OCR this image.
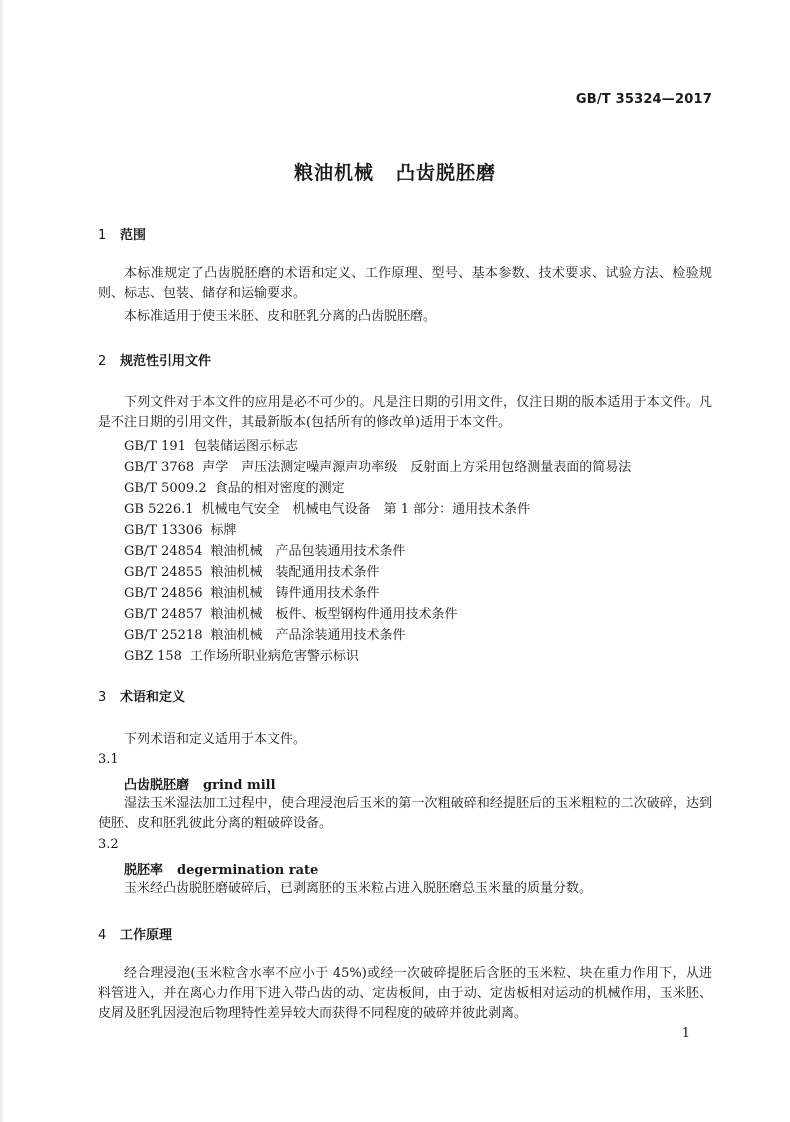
GB/T 35324—2017
粮油机械 凸齿脱胚磨
1 范围
本标准规定了凸齿脱胚磨的术语和定义、工作原理、型号、基本参数、技术要求、试验方法、检验规则、标志、包装、储存和运输要求。
本标准适用于使玉米胚、皮和胚乳分离的凸齿脱胚磨。
2 规范性引用文件
下列文件对于本文件的应用是必不可少的。凡是注日期的引用文件，仅注日期的版本适用于本文件。凡是不注日期的引用文件，其最新版本(包括所有的修改单)适用于本文件。
GB/T 191 包装储运图示标志
GB/T 3768 声学　声压法测定噪声源声功率级　反射面上方采用包络测量表面的简易法
GB/T 5009.2 食品的相对密度的测定
GB 5226.1 机械电气安全　机械电气设备　第 1 部分：通用技术条件
GB/T 13306 标牌
GB/T 24854 粮油机械　产品包装通用技术条件
GB/T 24855 粮油机械　装配通用技术条件
GB/T 24856 粮油机械　铸件通用技术条件
GB/T 24857 粮油机械　板件、板型钢构件通用技术条件
GB/T 25218 粮油机械　产品涂装通用技术条件
GBZ 158 工作场所职业病危害警示标识
3 术语和定义
下列术语和定义适用于本文件。
3.1
凸齿脱胚磨 grind mill
湿法玉米湿法加工过程中，使合理浸泡后玉米的第一次粗破碎和经提胚后的玉米粗粒的二次破碎，达到使胚、皮和胚乳彼此分离的粗破碎设备。
3.2
脱胚率 degermination rate
玉米经凸齿脱胚磨破碎后，已剥离胚的玉米粒占进入脱胚磨总玉米量的质量分数。
4 工作原理
经合理浸泡(玉米粒含水率不应小于 45%)或经一次破碎提胚后含胚的玉米粒、块在重力作用下，从进料管进入，并在离心力作用下进入带凸齿的动、定齿板间，由于动、定齿板相对运动的机械作用，玉米胚、皮屑及胚乳因浸泡后物理特性差异较大而获得不同程度的破碎并彼此剥离。
1
